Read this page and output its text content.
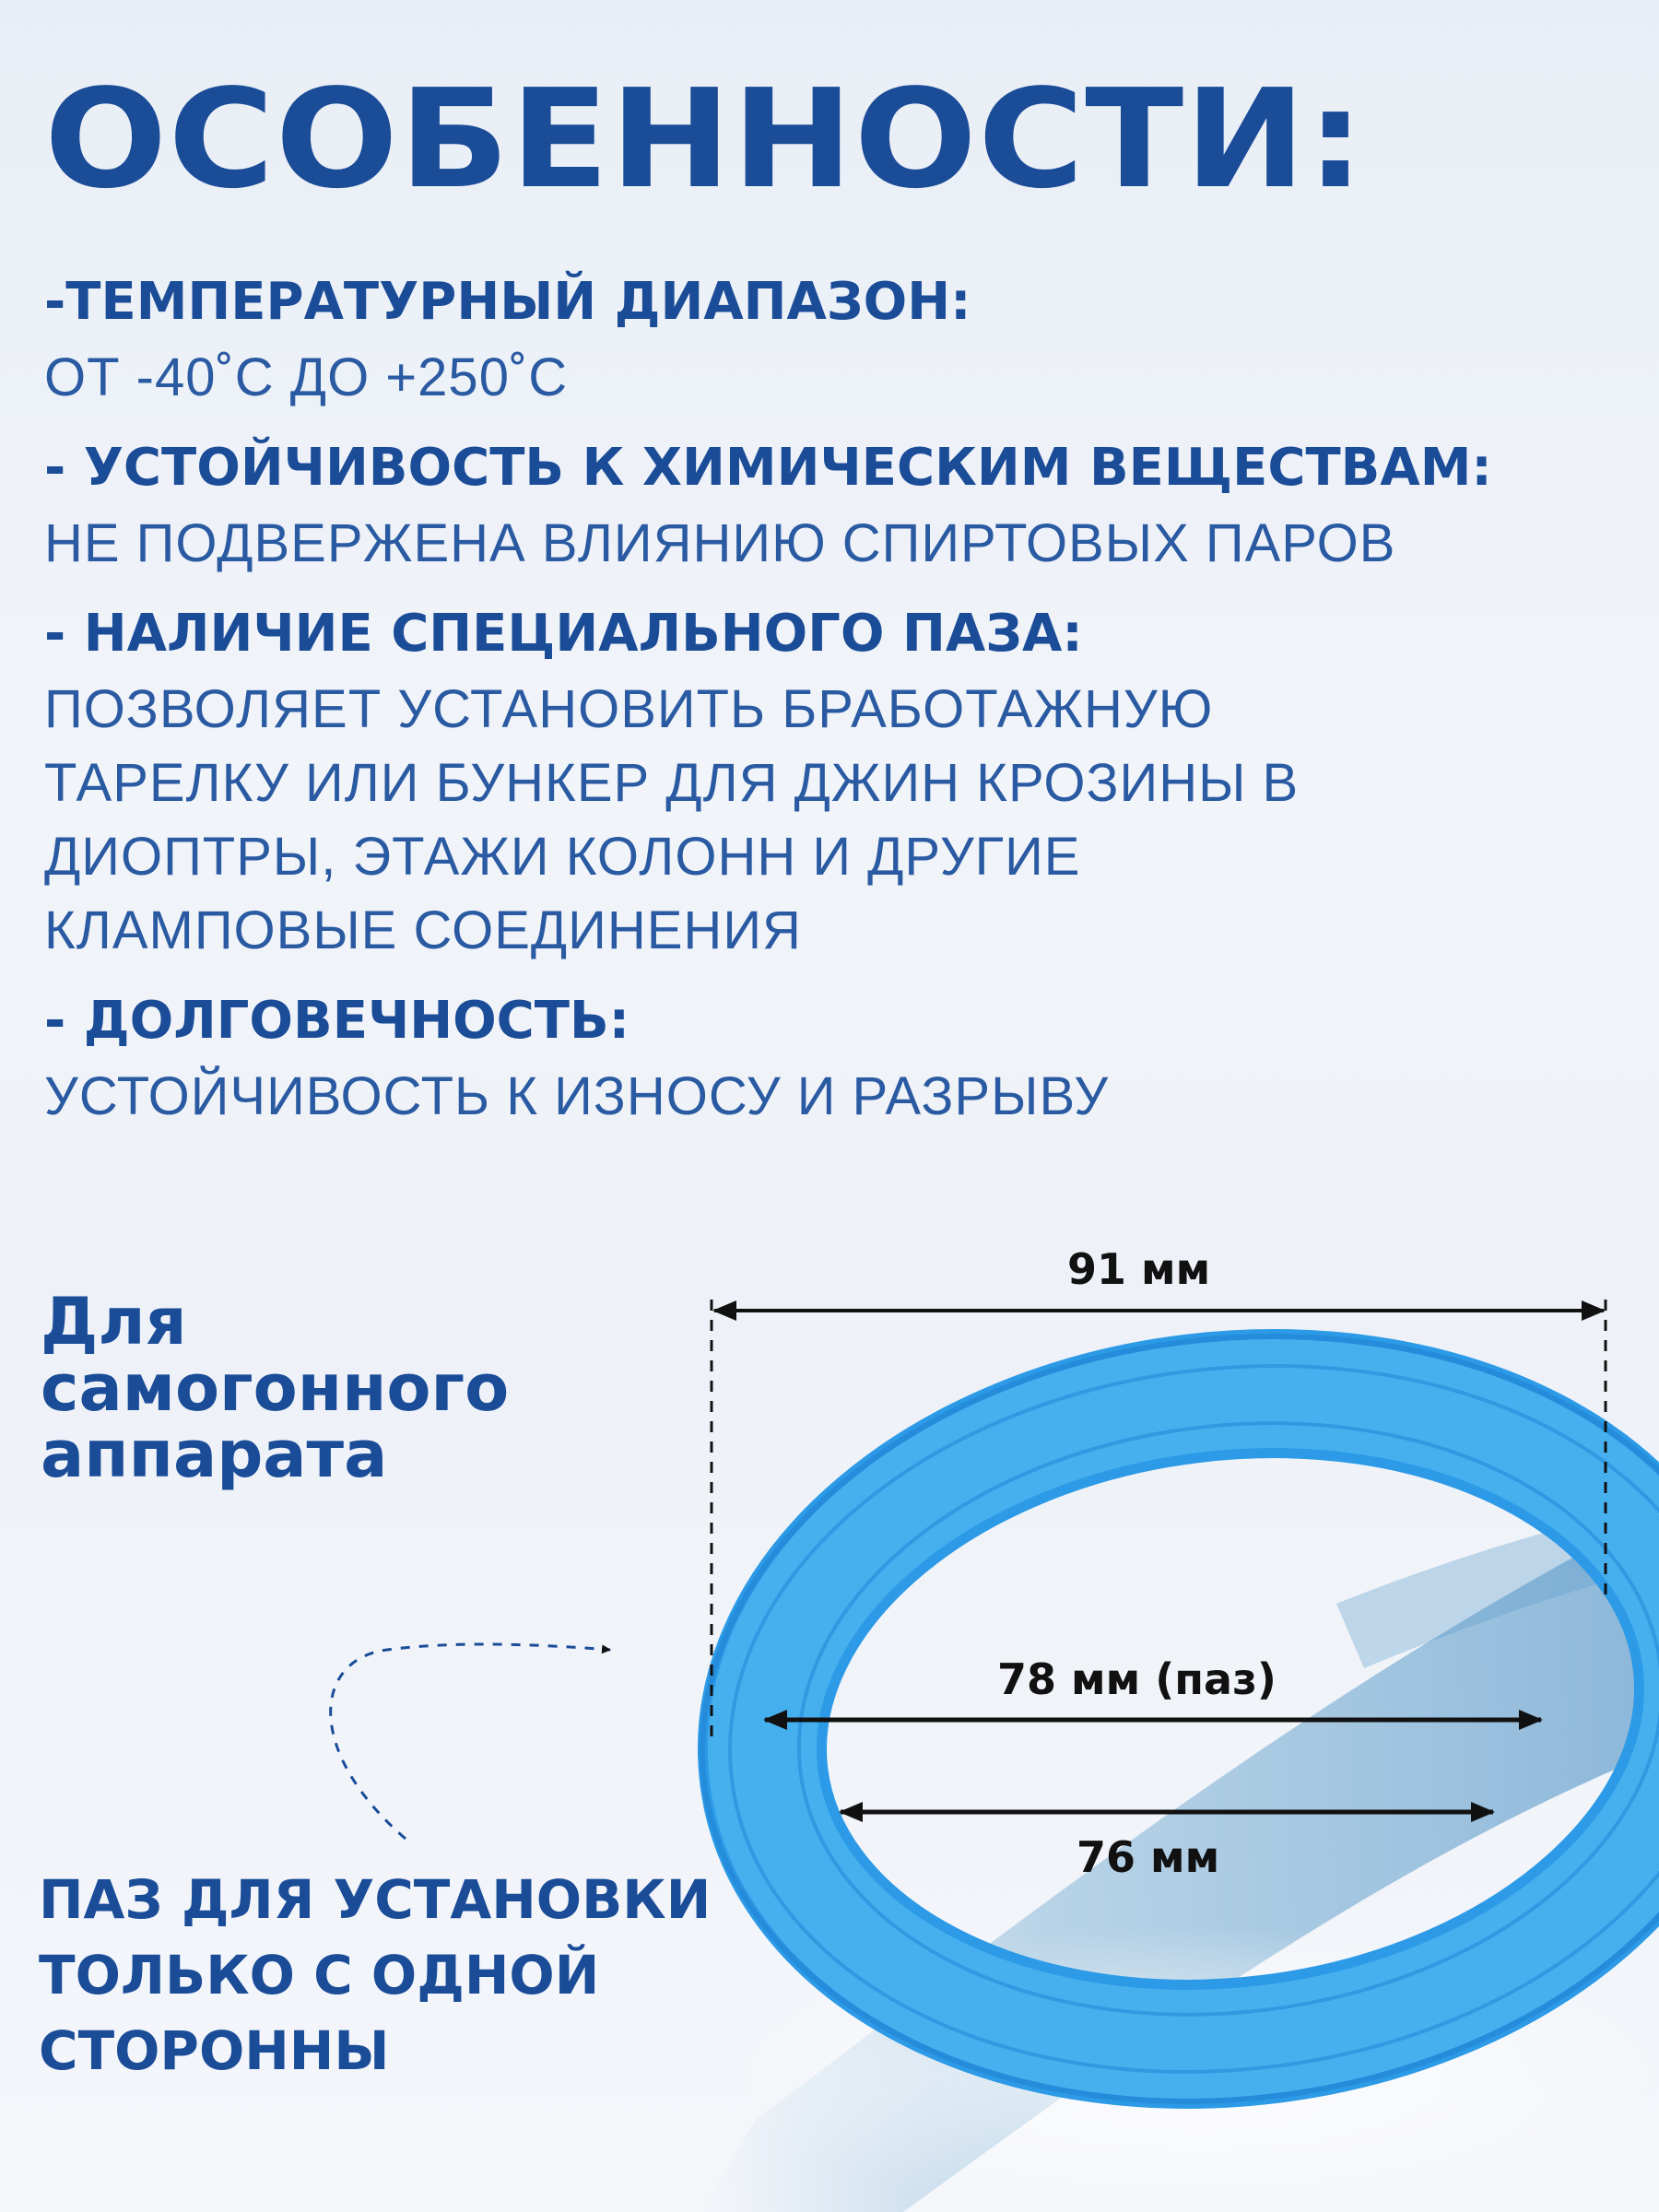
ОСОБЕННОСТИ:

-ТЕМПЕРАТУРНЫЙ ДИАПАЗОН:

ОТ -40˚С ДО +250˚С

- УСТОЙЧИВОСТЬ К ХИМИЧЕСКИМ ВЕЩЕСТВАМ:

НЕ ПОДВЕРЖЕНА ВЛИЯНИЮ СПИРТОВЫХ ПАРОВ

- НАЛИЧИЕ СПЕЦИАЛЬНОГО ПАЗА:

ПОЗВОЛЯЕТ УСТАНОВИТЬ БРАБОТАЖНУЮ
ТАРЕЛКУ ИЛИ БУНКЕР ДЛЯ ДЖИН КРОЗИНЫ В
ДИОПТРЫ, ЭТАЖИ КОЛОНН И ДРУГИЕ
КЛАМПОВЫЕ СОЕДИНЕНИЯ

- ДОЛГОВЕЧНОСТЬ:

УСТОЙЧИВОСТЬ К ИЗНОСУ И РАЗРЫВУ

Для
самогонного
аппарата
ПАЗ ДЛЯ УСТАНОВКИ
ТОЛЬКО С ОДНОЙ
СТОРОННЫ
91 мм
78 мм (паз)
76 мм
